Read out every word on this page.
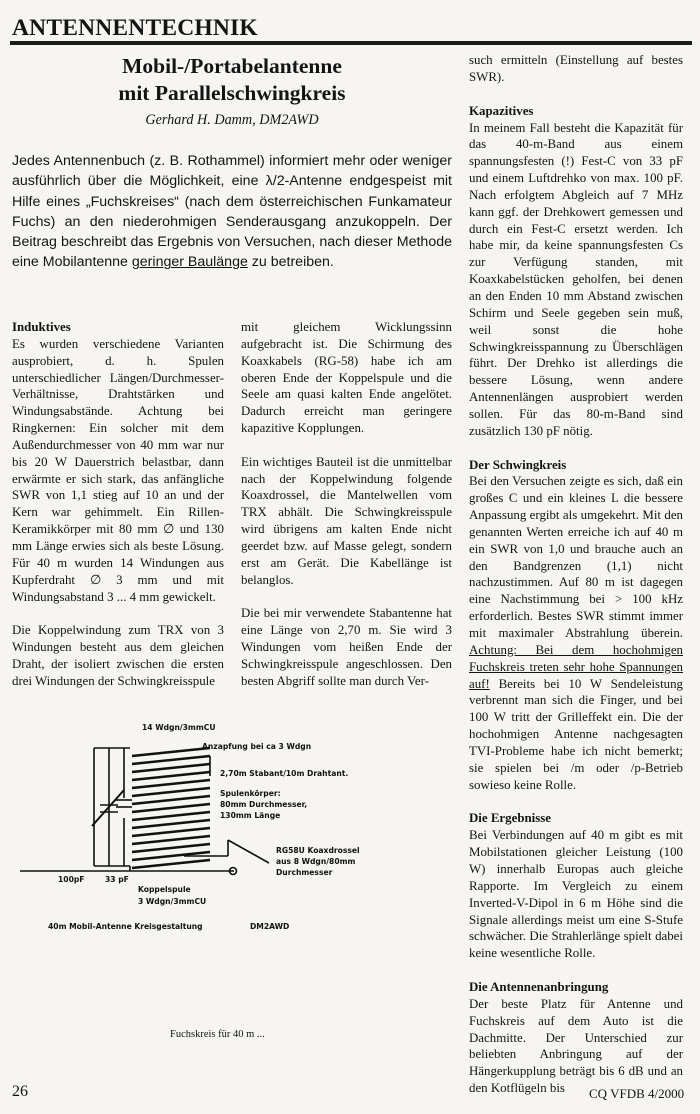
ANTENNENTECHNIK
Mobil-/Portabelantenne
mit Parallelschwingkreis
Gerhard H. Damm, DM2AWD
Jedes Antennenbuch (z. B. Rothammel) informiert mehr oder weniger ausführlich über die Möglichkeit, eine λ/2-Antenne endgespeist mit Hilfe eines „Fuchskreises“ (nach dem österreichischen Funkamateur Fuchs) an den niederohmigen Senderausgang anzukoppeln. Der Beitrag beschreibt das Ergebnis von Versuchen, nach dieser Methode eine Mobilantenne geringer Baulänge zu betreiben.
Induktives

Es wurden verschiedene Varianten ausprobiert, d. h. Spulen unterschiedlicher Längen/Durchmesser-Verhältnisse, Drahtstärken und Windungsabstände. Achtung bei Ringkernen: Ein solcher mit dem Außendurchmesser von 40 mm war nur bis 20 W Dauerstrich belastbar, dann erwärmte er sich stark, das anfängliche SWR von 1,1 stieg auf 10 an und der Kern war gehimmelt. Ein Rillen-Keramikkörper mit 80 mm ∅ und 130 mm Länge erwies sich als beste Lösung. Für 40 m wurden 14 Windungen aus Kupferdraht ∅ 3 mm und mit Windungsabstand 3 ... 4 mm gewickelt.

Die Koppelwindung zum TRX von 3 Windungen besteht aus dem gleichen Draht, der isoliert zwischen die ersten drei Windungen der Schwingkreisspule

mit gleichem Wicklungssinn aufgebracht ist. Die Schirmung des Koaxkabels (RG-58) habe ich am oberen Ende der Koppelspule und die Seele am quasi kalten Ende angelötet. Dadurch erreicht man geringere kapazitive Kopplungen.

Ein wichtiges Bauteil ist die unmittelbar nach der Koppelwindung folgende Koaxdrossel, die Mantelwellen vom TRX abhält. Die Schwingkreisspule wird übrigens am kalten Ende nicht geerdet bzw. auf Masse gelegt, sondern erst am Gerät. Die Kabellänge ist belanglos.

Die bei mir verwendete Stabantenne hat eine Länge von 2,70 m. Sie wird 3 Windungen vom heißen Ende der Schwingkreisspule angeschlossen. Den besten Abgriff sollte man durch Ver-

such ermitteln (Einstellung auf bestes SWR).

Kapazitives

In meinem Fall besteht die Kapazität für das 40-m-Band aus einem spannungsfesten (!) Fest-C von 33 pF und einem Luftdrehko von max. 100 pF. Nach erfolgtem Abgleich auf 7 MHz kann ggf. der Drehkowert gemessen und durch ein Fest-C ersetzt werden. Ich habe mir, da keine spannungsfesten Cs zur Verfügung standen, mit Koaxkabelstücken geholfen, bei denen an den Enden 10 mm Abstand zwischen Schirm und Seele gegeben sein muß, weil sonst die hohe Schwingkreisspannung zu Überschlägen führt. Der Drehko ist allerdings die bessere Lösung, wenn andere Antennenlängen ausprobiert werden sollen. Für das 80-m-Band sind zusätzlich 130 pF nötig.

Der Schwingkreis

Bei den Versuchen zeigte es sich, daß ein großes C und ein kleines L die bessere Anpassung ergibt als umgekehrt. Mit den genannten Werten erreiche ich auf 40 m ein SWR von 1,0 und brauche auch an den Bandgrenzen (1,1) nicht nachzustimmen. Auf 80 m ist dagegen eine Nachstimmung bei > 100 kHz erforderlich. Bestes SWR stimmt immer mit maximaler Abstrahlung überein. Achtung: Bei dem hochohmigen Fuchskreis treten sehr hohe Spannungen auf! Bereits bei 10 W Sendeleistung verbrennt man sich die Finger, und bei 100 W tritt der Grilleffekt ein. Die der hochohmigen Antenne nachgesagten TVI-Probleme habe ich nicht bemerkt; sie spielen bei /m oder /p-Betrieb sowieso keine Rolle.

Die Ergebnisse

Bei Verbindungen auf 40 m gibt es mit Mobilstationen gleicher Leistung (100 W) innerhalb Europas auch gleiche Rapporte. Im Vergleich zu einem Inverted-V-Dipol in 6 m Höhe sind die Signale allerdings meist um eine S-Stufe schwächer. Die Strahlerlänge spielt dabei keine wesentliche Rolle.

Die Antennenanbringung

Der beste Platz für Antenne und Fuchskreis auf dem Auto ist die Dachmitte. Der Unterschied zur beliebten Anbringung auf der Hängerkupplung beträgt bis 6 dB und an den Kotflügeln bis

14 Wdgn/3mmCU
Anzapfung bei ca 3 Wdgn
2,70m Stabant/10m Drahtant.
Spulenkörper:
80mm Durchmesser,
130mm Länge
RG58U Koaxdrossel
aus 8 Wdgn/80mm
Durchmesser
100pF	33 pF
Koppelspule
3 Wdgn/3mmCU
40m Mobil-Antenne Kreisgestaltung	DM2AWD
Fuchskreis für 40 m ...
26	CQ VFDB 4/2000
